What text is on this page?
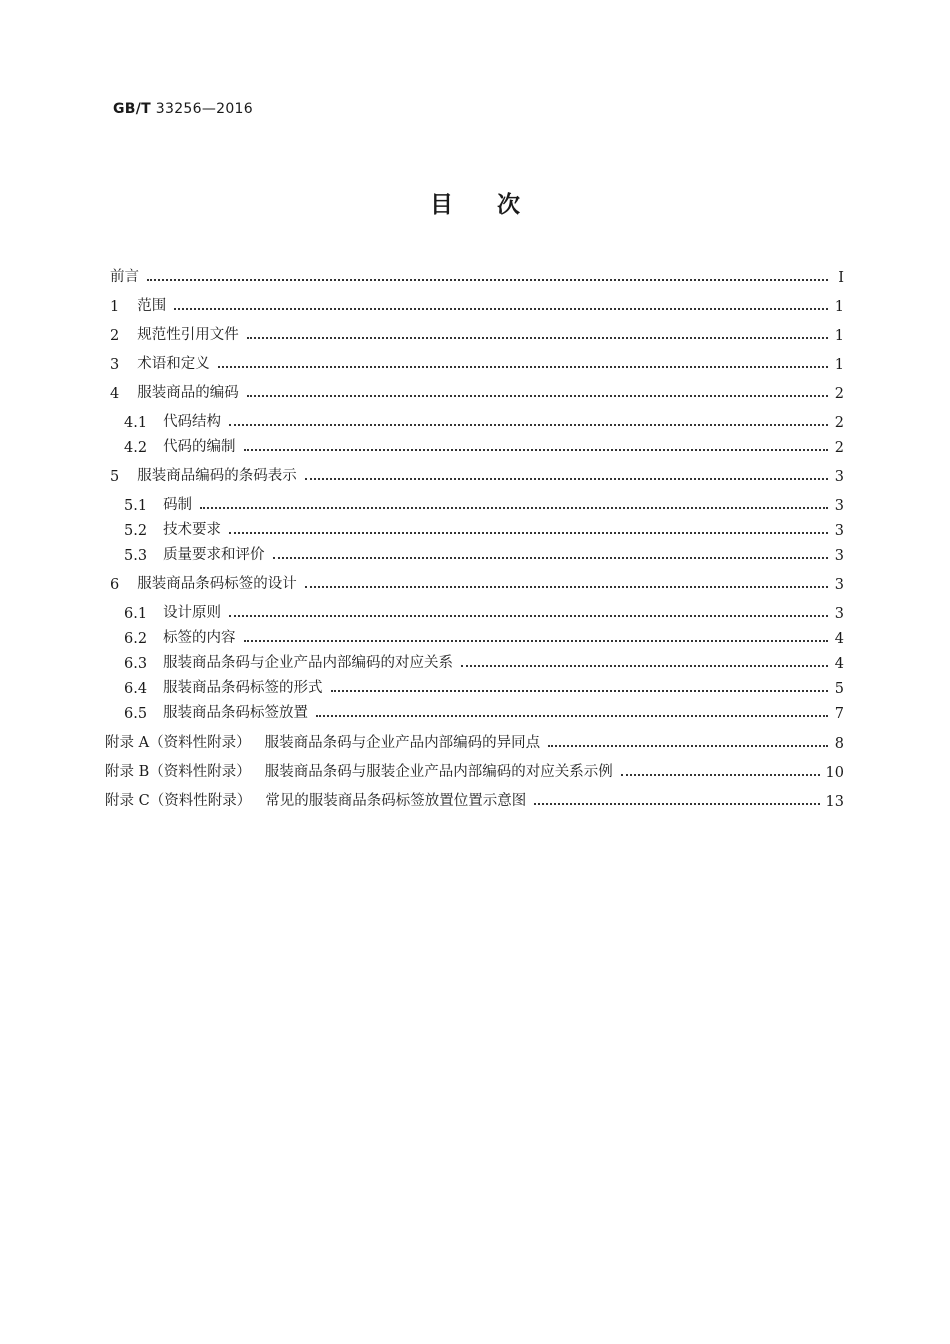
GB/T 33256—2016
目次
前言	I
1 范围	1
2 规范性引用文件	1
3 术语和定义	1
4 服装商品的编码	2
4.1 代码结构	2
4.2 代码的编制	2
5 服装商品编码的条码表示	3
5.1 码制	3
5.2 技术要求	3
5.3 质量要求和评价	3
6 服装商品条码标签的设计	3
6.1 设计原则	3
6.2 标签的内容	4
6.3 服装商品条码与企业产品内部编码的对应关系	4
6.4 服装商品条码标签的形式	5
6.5 服装商品条码标签放置	7
附录 A（资料性附录） 服装商品条码与企业产品内部编码的异同点	8
附录 B（资料性附录） 服装商品条码与服装企业产品内部编码的对应关系示例	10
附录 C（资料性附录） 常见的服装商品条码标签放置位置示意图	13
